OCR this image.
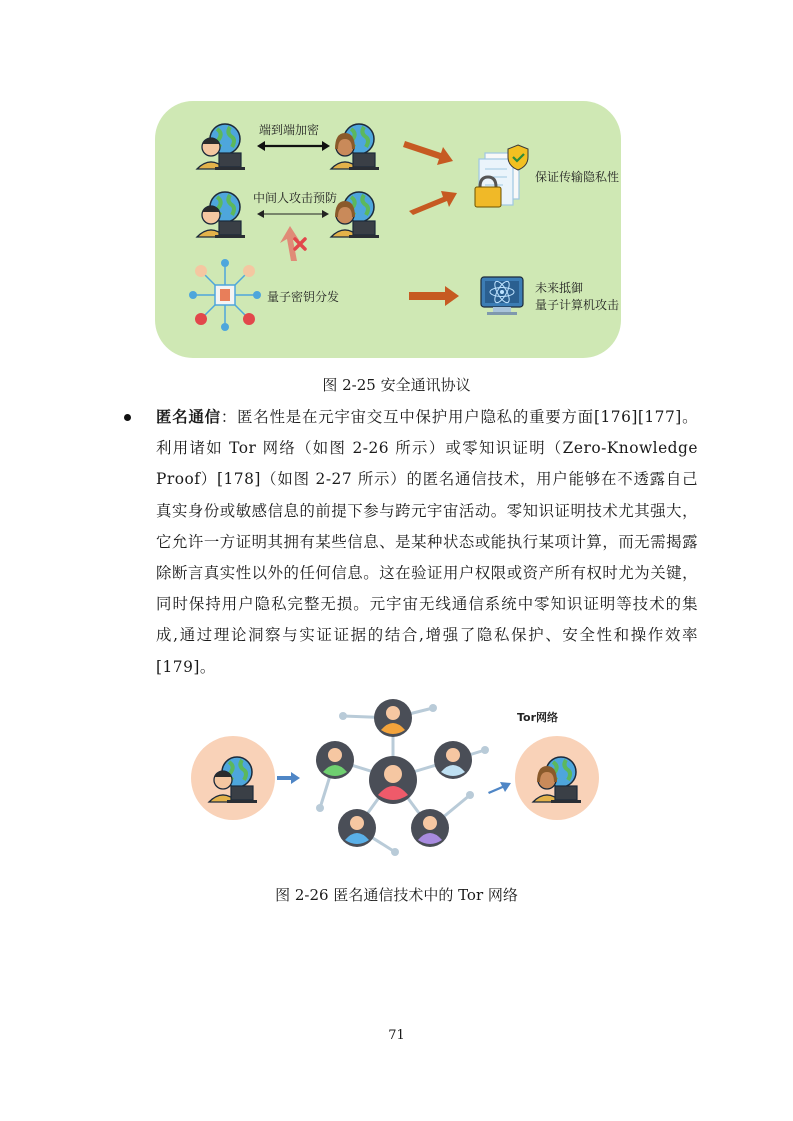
端到端加密
中间人攻击预防
量子密钥分发
保证传输隐私性
未来抵御
量子计算机攻击
图 2-25 安全通讯协议
匿名通信：匿名性是在元宇宙交互中保护用户隐私的重要方面[176][177]。利用诸如 Tor 网络（如图 2-26 所示）或零知识证明（Zero-Knowledge Proof）[178]（如图 2-27 所示）的匿名通信技术，用户能够在不透露自己真实身份或敏感信息的前提下参与跨元宇宙活动。零知识证明技术尤其强大，它允许一方证明其拥有某些信息、是某种状态或能执行某项计算，而无需揭露除断言真实性以外的任何信息。这在验证用户权限或资产所有权时尤为关键，同时保持用户隐私完整无损。元宇宙无线通信系统中零知识证明等技术的集成,通过理论洞察与实证证据的结合,增强了隐私保护、安全性和操作效率[179]。
Tor网络
图 2-26 匿名通信技术中的 Tor 网络
71
